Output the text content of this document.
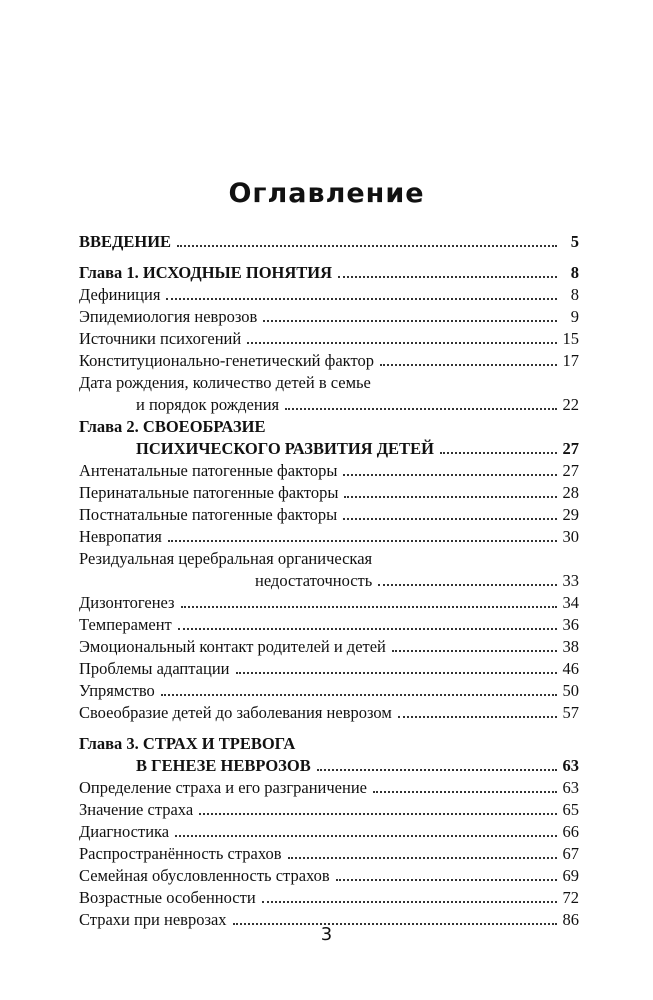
Оглавление
ВВЕДЕНИЕ	5
Глава 1. ИСХОДНЫЕ ПОНЯТИЯ	8
Дефиниция	8
Эпидемиология неврозов	9
Источники психогений	15
Конституционально-генетический фактор	17
Дата рождения, количество детей в семье
и порядок рождения	22
Глава 2. СВОЕОБРАЗИЕ
ПСИХИЧЕСКОГО РАЗВИТИЯ ДЕТЕЙ	27
Антенатальные патогенные факторы	27
Перинатальные патогенные факторы	28
Постнатальные патогенные факторы	29
Невропатия	30
Резидуальная церебральная органическая
недостаточность	33
Дизонтогенез	34
Темперамент	36
Эмоциональный контакт родителей и детей	38
Проблемы адаптации	46
Упрямство	50
Своеобразие детей до заболевания неврозом	57
Глава 3. СТРАХ И ТРЕВОГА
В ГЕНЕЗЕ НЕВРОЗОВ	63
Определение страха и его разграничение	63
Значение страха	65
Диагностика	66
Распространённость страхов	67
Семейная обусловленность страхов	69
Возрастные особенности	72
Страхи при неврозах	86
3
